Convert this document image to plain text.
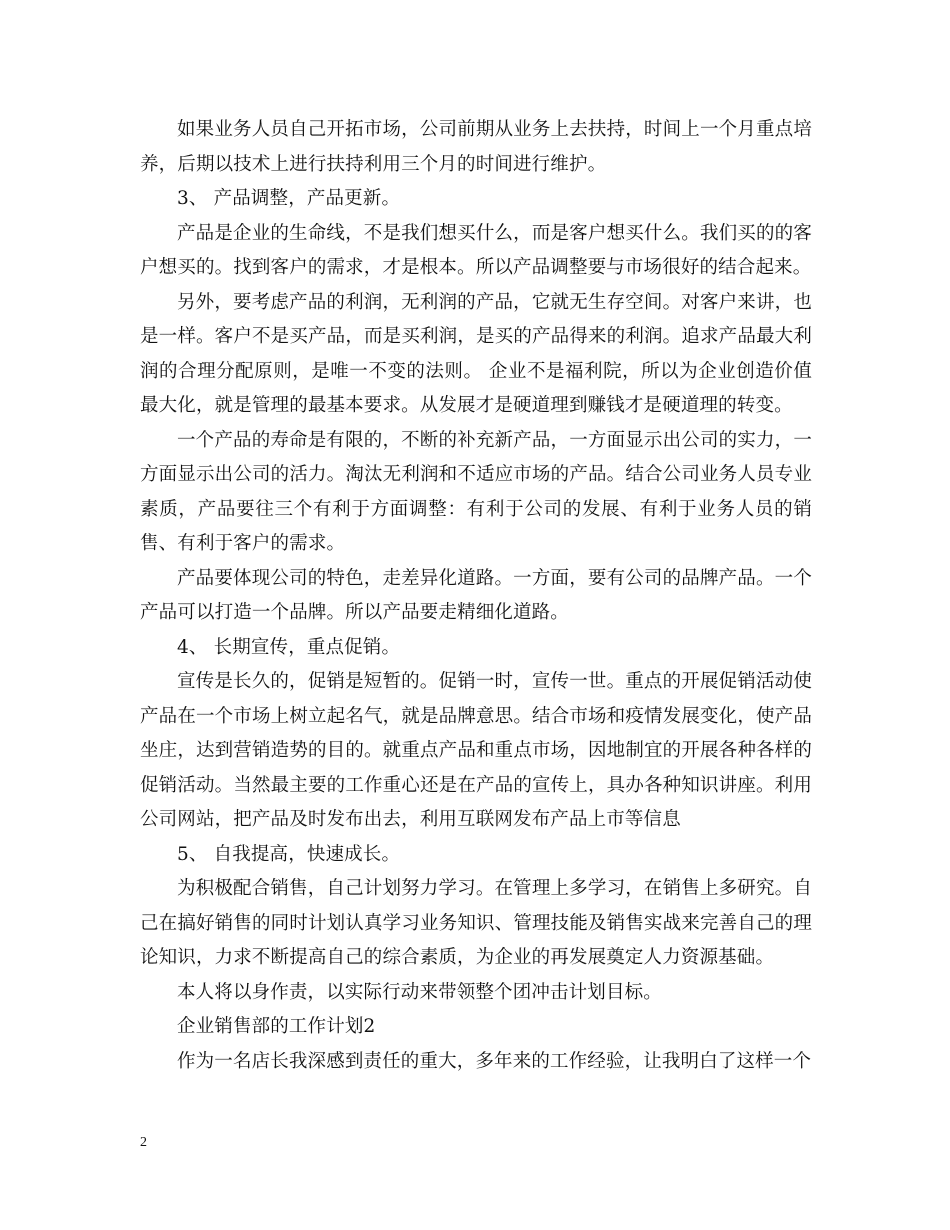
如果业务人员自己开拓市场，公司前期从业务上去扶持，时间上一个月重点培养，后期以技术上进行扶持利用三个月的时间进行维护。

3、 产品调整，产品更新。

产品是企业的生命线，不是我们想买什么，而是客户想买什么。我们买的的客户想买的。找到客户的需求，才是根本。所以产品调整要与市场很好的结合起来。

另外，要考虑产品的利润，无利润的产品，它就无生存空间。对客户来讲，也是一样。客户不是买产品，而是买利润，是买的产品得来的利润。追求产品最大利润的合理分配原则，是唯一不变的法则。 企业不是福利院，所以为企业创造价值最大化，就是管理的最基本要求。从发展才是硬道理到赚钱才是硬道理的转变。

一个产品的寿命是有限的，不断的补充新产品，一方面显示出公司的实力，一方面显示出公司的活力。淘汰无利润和不适应市场的产品。结合公司业务人员专业素质，产品要往三个有利于方面调整：有利于公司的发展、有利于业务人员的销售、有利于客户的需求。

产品要体现公司的特色，走差异化道路。一方面，要有公司的品牌产品。一个产品可以打造一个品牌。所以产品要走精细化道路。

4、 长期宣传，重点促销。

宣传是长久的，促销是短暂的。促销一时，宣传一世。重点的开展促销活动使产品在一个市场上树立起名气，就是品牌意思。结合市场和疫情发展变化，使产品坐庄，达到营销造势的目的。就重点产品和重点市场，因地制宜的开展各种各样的促销活动。当然最主要的工作重心还是在产品的宣传上，具办各种知识讲座。利用公司网站，把产品及时发布出去，利用互联网发布产品上市等信息

5、 自我提高，快速成长。

为积极配合销售，自己计划努力学习。在管理上多学习，在销售上多研究。自己在搞好销售的同时计划认真学习业务知识、管理技能及销售实战来完善自己的理论知识，力求不断提高自己的综合素质，为企业的再发展奠定人力资源基础。

本人将以身作责，以实际行动来带领整个团冲击计划目标。

企业销售部的工作计划2

作为一名店长我深感到责任的重大，多年来的工作经验，让我明白了这样一个

2
